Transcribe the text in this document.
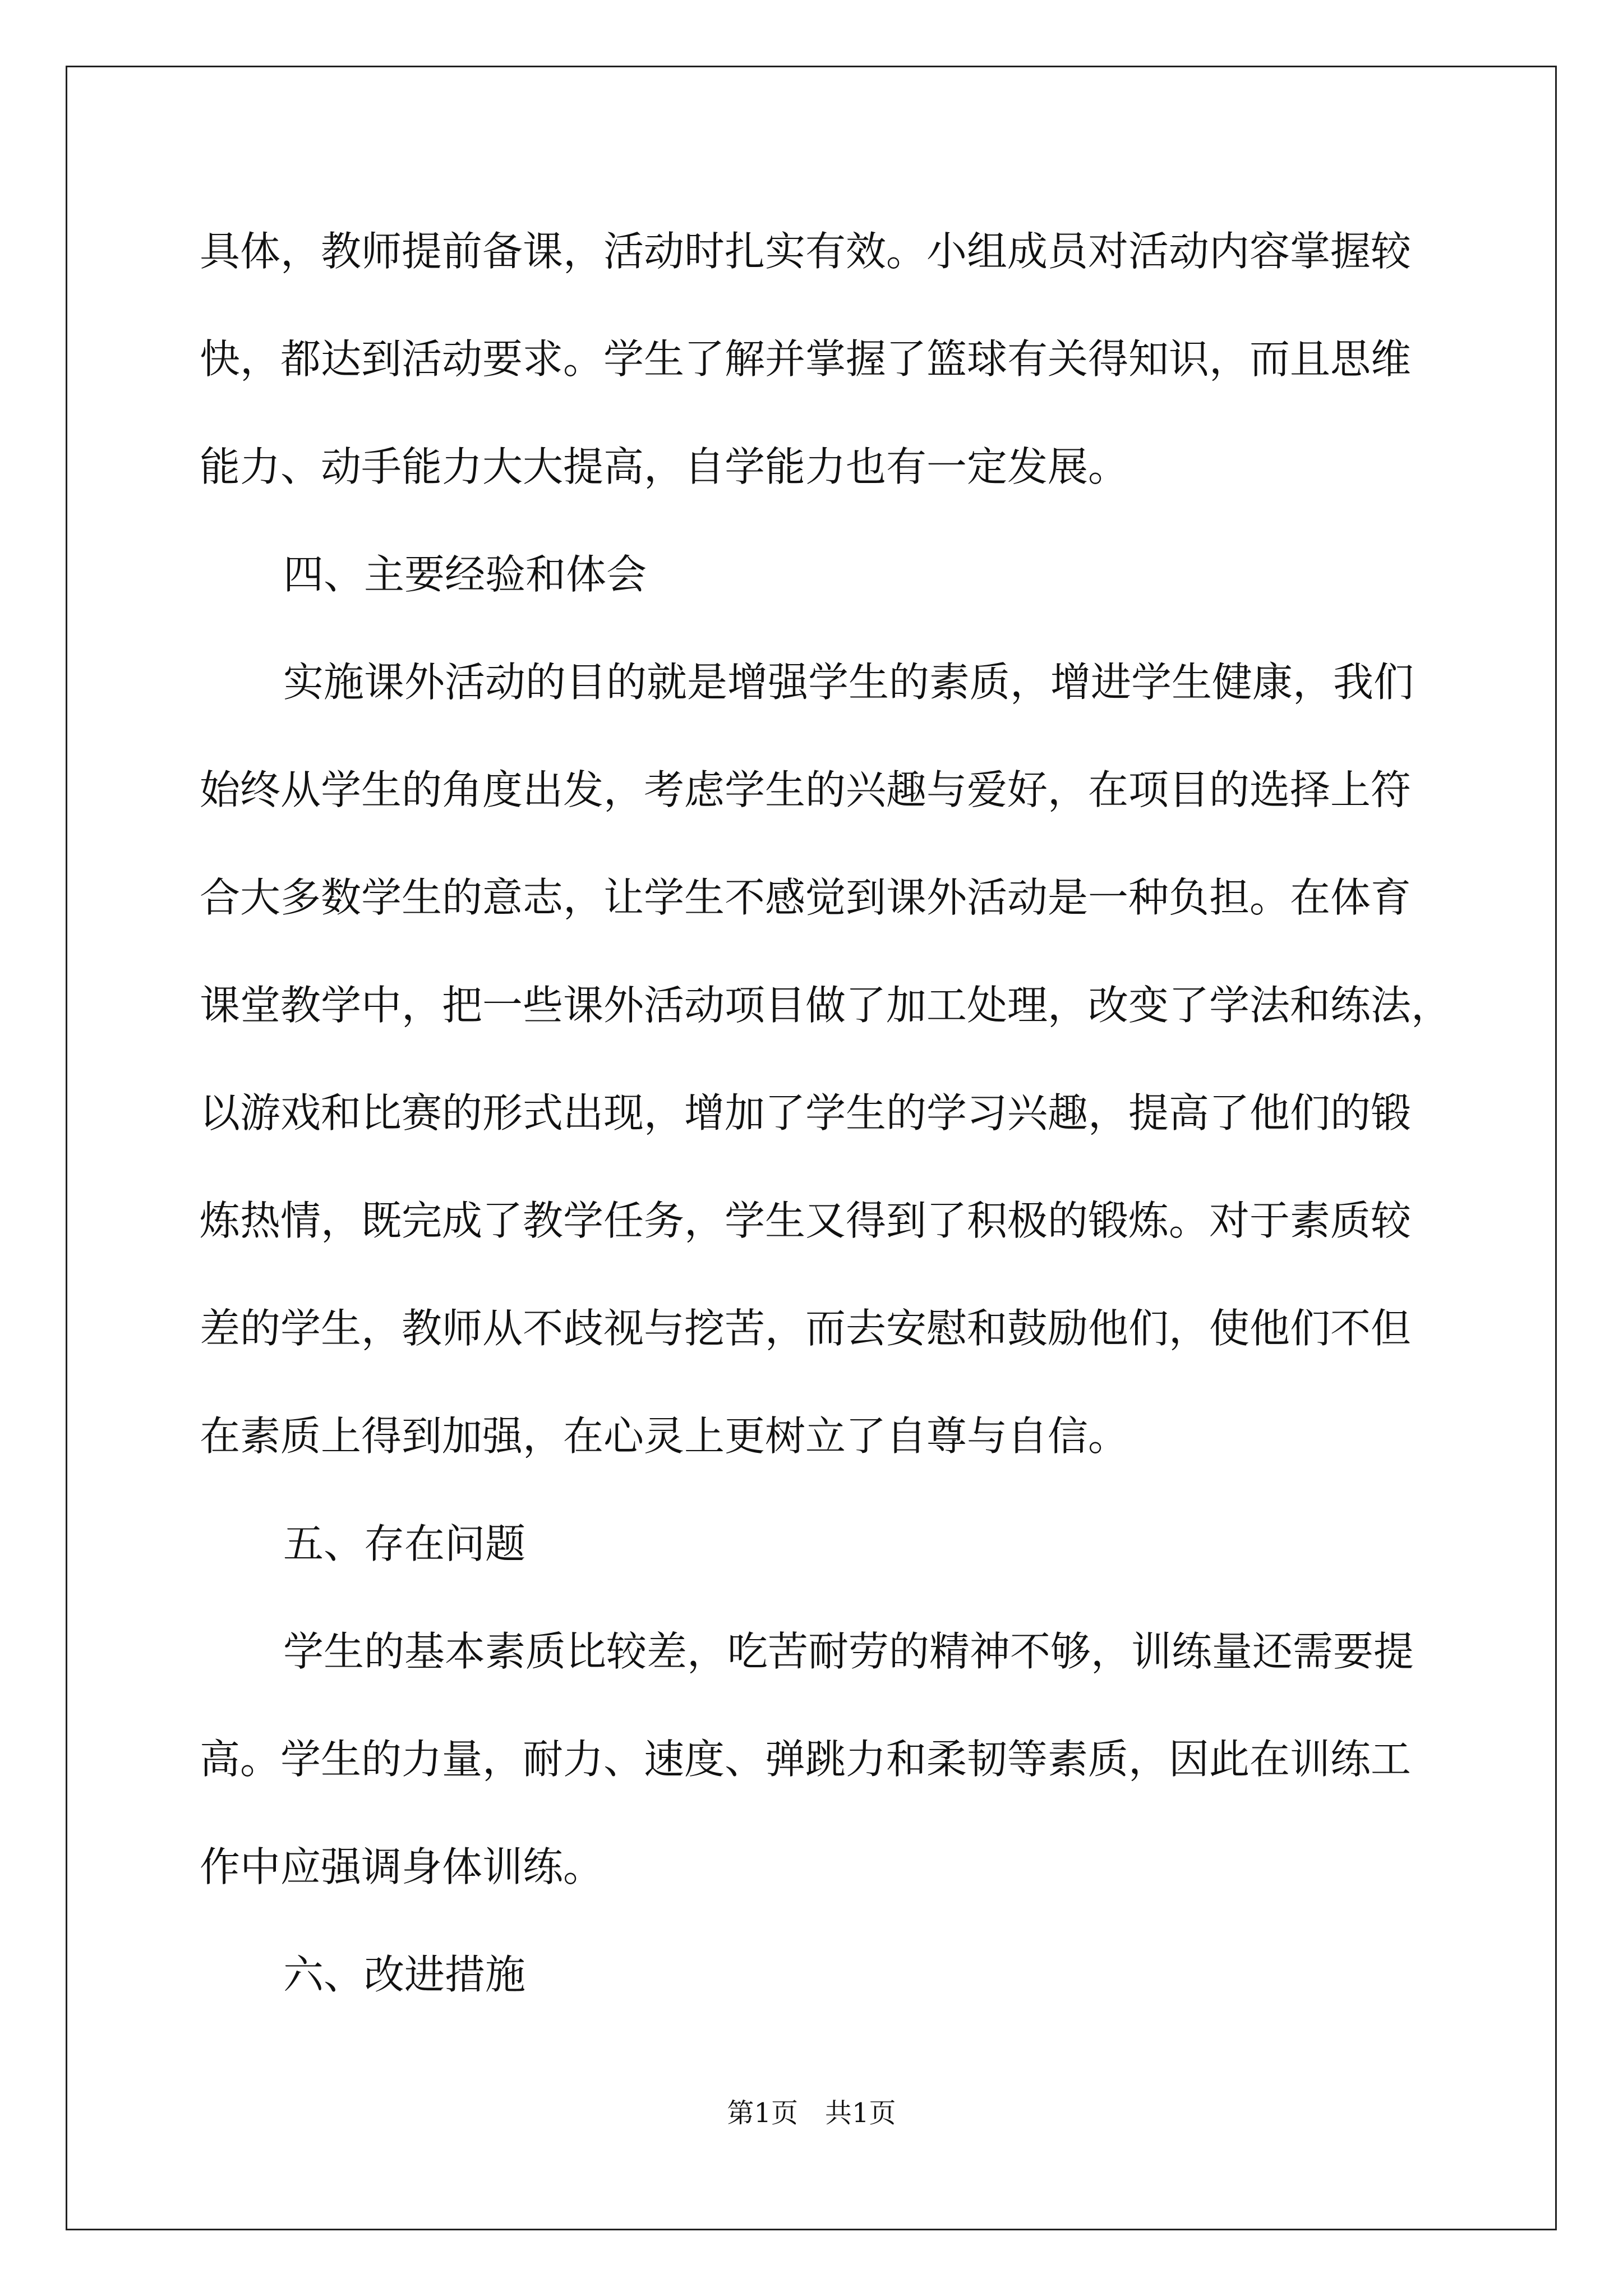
具体，教师提前备课，活动时扎实有效。小组成员对活动内容掌握较
快，都达到活动要求。学生了解并掌握了篮球有关得知识，而且思维
能力、动手能力大大提高，自学能力也有一定发展。
四、主要经验和体会
实施课外活动的目的就是增强学生的素质，增进学生健康，我们
始终从学生的角度出发，考虑学生的兴趣与爱好，在项目的选择上符
合大多数学生的意志，让学生不感觉到课外活动是一种负担。在体育
课堂教学中，把一些课外活动项目做了加工处理，改变了学法和练法，
以游戏和比赛的形式出现，增加了学生的学习兴趣，提高了他们的锻
炼热情，既完成了教学任务，学生又得到了积极的锻炼。对于素质较
差的学生，教师从不歧视与挖苦，而去安慰和鼓励他们，使他们不但
在素质上得到加强，在心灵上更树立了自尊与自信。
五、存在问题
学生的基本素质比较差，吃苦耐劳的精神不够，训练量还需要提
高。学生的力量，耐力、速度、弹跳力和柔韧等素质，因此在训练工
作中应强调身体训练。
六、改进措施
第1页 共1页
